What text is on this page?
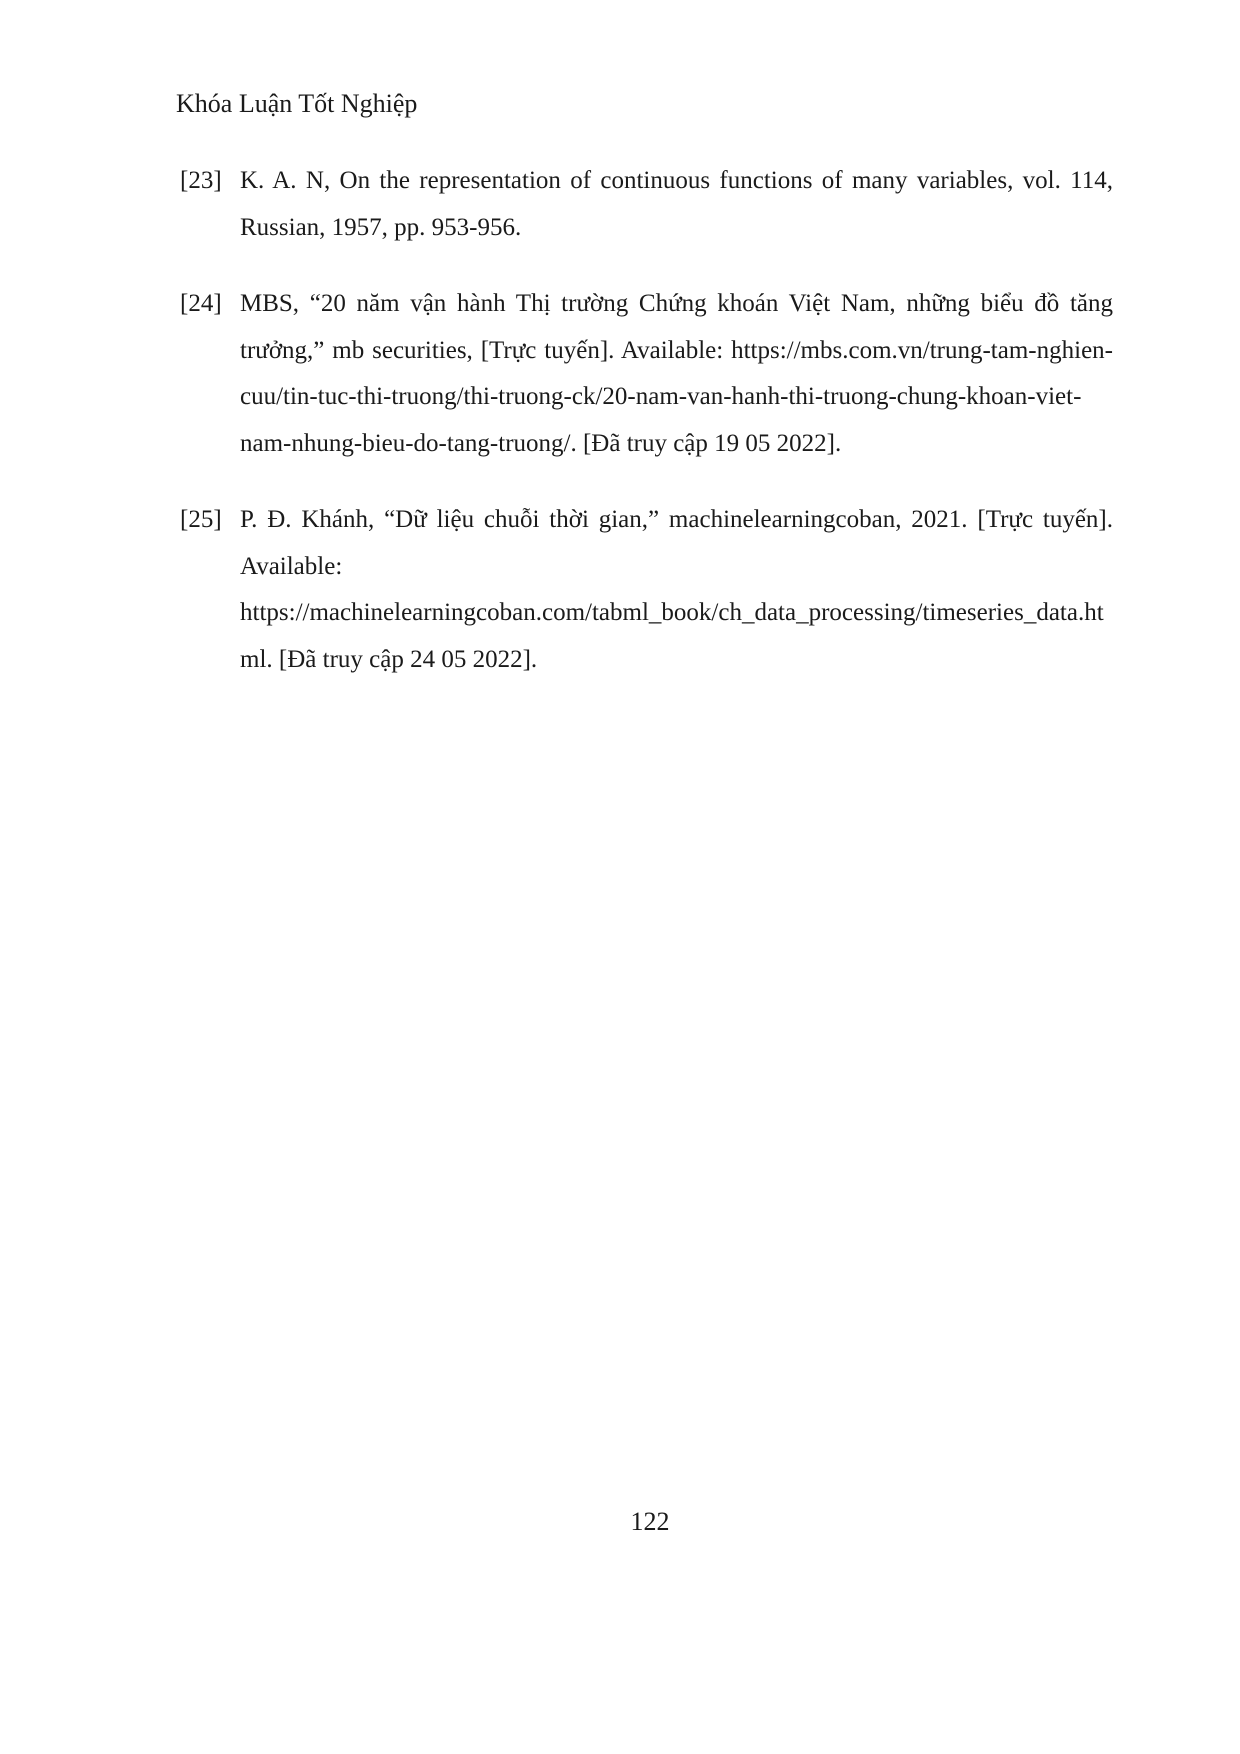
Khóa Luận Tốt Nghiệp
[23] K. A. N, On the representation of continuous functions of many variables, vol. 114, Russian, 1957, pp. 953-956.
[24] MBS, “20 năm vận hành Thị trường Chứng khoán Việt Nam, những biểu đồ tăng trưởng,” mb securities, [Trực tuyến]. Available: https://mbs.com.vn/trung-tam-nghien-cuu/tin-tuc-thi-truong/thi-truong-ck/20-nam-van-hanh-thi-truong-chung-khoan-viet-nam-nhung-bieu-do-tang-truong/. [Đã truy cập 19 05 2022].
[25] P. Đ. Khánh, “Dữ liệu chuỗi thời gian,” machinelearningcoban, 2021. [Trực tuyến]. Available: https://machinelearningcoban.com/tabml_book/ch_data_processing/timeseries_data.html. [Đã truy cập 24 05 2022].
122
